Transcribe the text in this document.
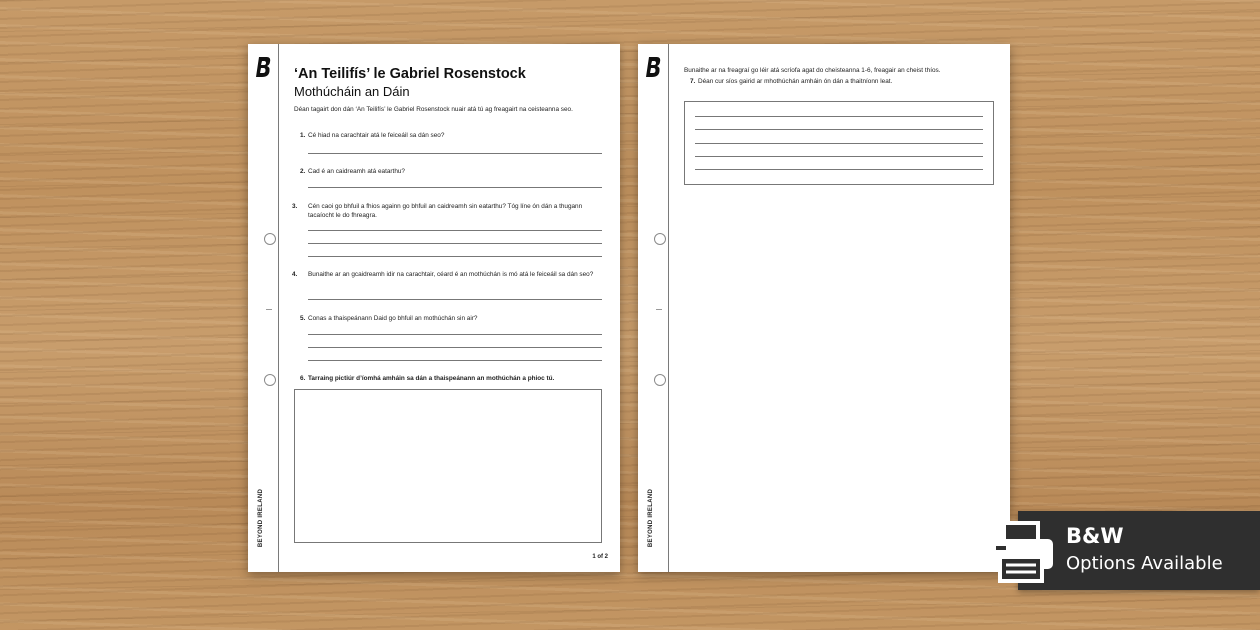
BEYOND IRELAND
‘An Teilifís’ le Gabriel Rosenstock
Mothúcháin an Dáin
Déan tagairt don dán ‘An Teilifís’ le Gabriel Rosenstock nuair atá tú ag freagairt na ceisteanna seo.
1. Cé hiad na carachtair atá le feiceáil sa dán seo?
2. Cad é an caidreamh atá eatarthu?
3. Cén caoi go bhfuil a fhios againn go bhfuil an caidreamh sin eatarthu? Tóg líne ón dán a thugann tacaíocht le do fhreagra.
4. Bunaithe ar an gcaidreamh idir na carachtair, céard é an mothúchán is mó atá le feiceáil sa dán seo?
5. Conas a thaispeánann Daid go bhfuil an mothúchán sin air?
6. Tarraing pictiúr d’íomhá amháin sa dán a thaispeánann an mothúchán a phioc tú.
1 of 2
BEYOND IRELAND
Bunaithe ar na freagraí go léir atá scríofa agat do cheisteanna 1-6, freagair an cheist thíos.
7. Déan cur síos gairid ar mhothúchán amháin ón dán a thaitníonn leat.
B&W
Options Available
